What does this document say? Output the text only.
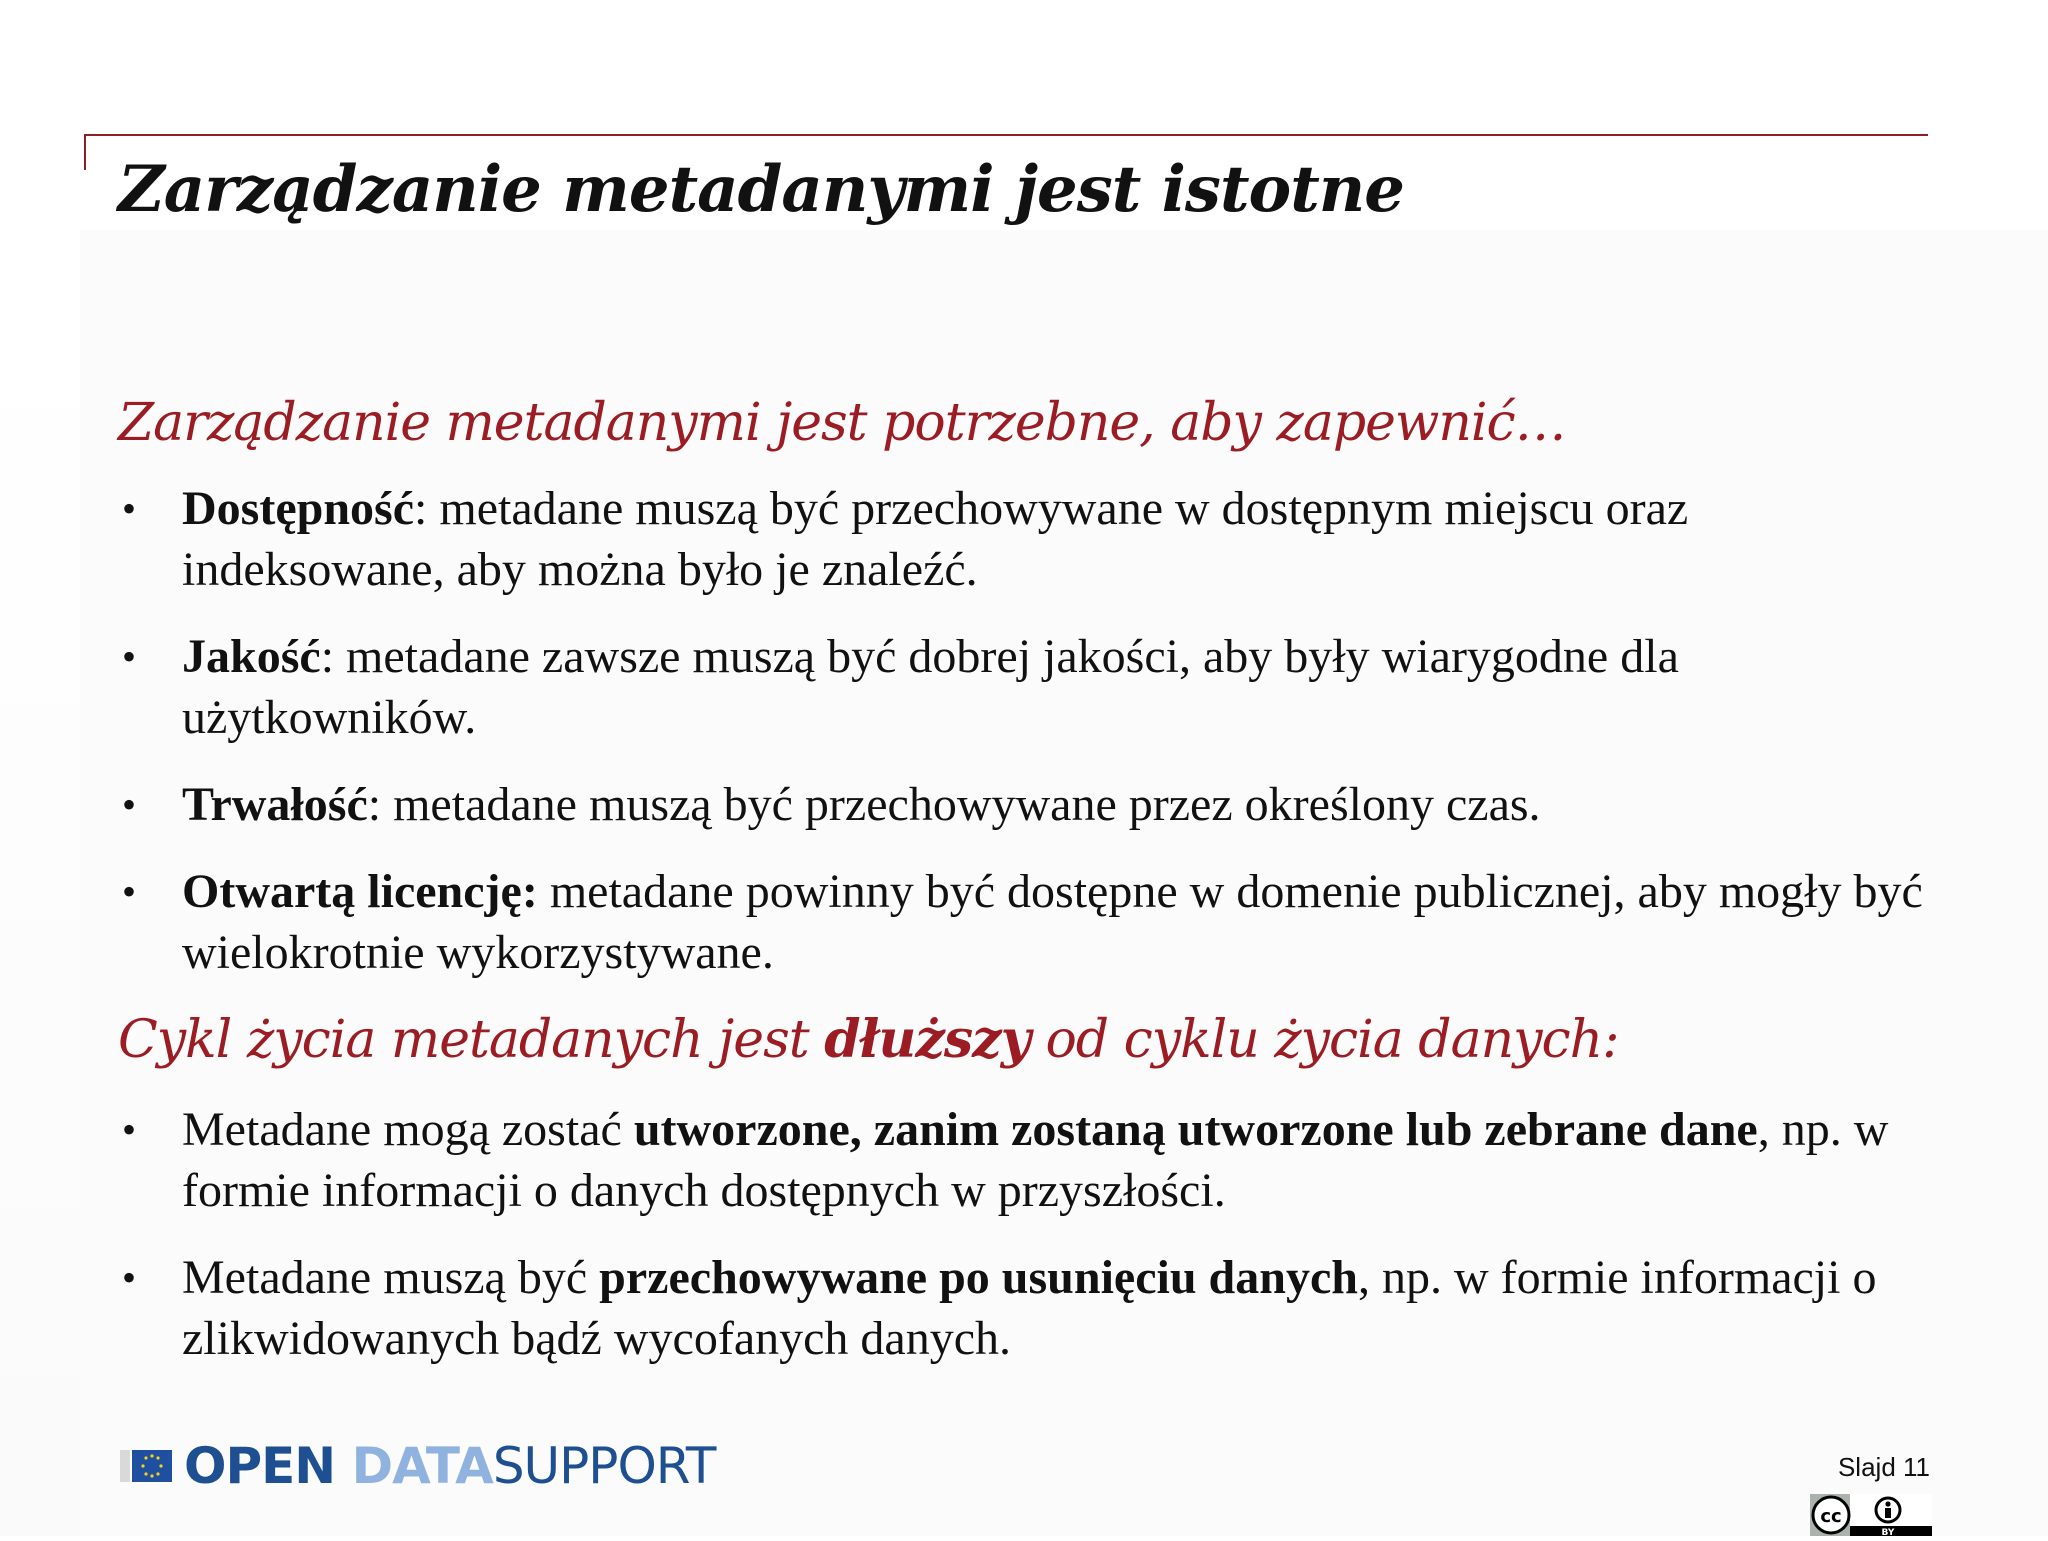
Zarządzanie metadanymi jest istotne
Zarządzanie metadanymi jest potrzebne, aby zapewnić…
• Dostępność: metadane muszą być przechowywane w dostępnym miejscu oraz indeksowane, aby można było je znaleźć.
• Jakość: metadane zawsze muszą być dobrej jakości, aby były wiarygodne dla użytkowników.
• Trwałość: metadane muszą być przechowywane przez określony czas.
• Otwartą licencję: metadane powinny być dostępne w domenie publicznej, aby mogły być wielokrotnie wykorzystywane.
Cykl życia metadanych jest dłuższy od cyklu życia danych:
• Metadane mogą zostać utworzone, zanim zostaną utworzone lub zebrane dane, np. w formie informacji o danych dostępnych w przyszłości.
• Metadane muszą być przechowywane po usunięciu danych, np. w formie informacji o zlikwidowanych bądź wycofanych danych.
OPEN DATASUPPORT	Slajd 11
cc
BY
